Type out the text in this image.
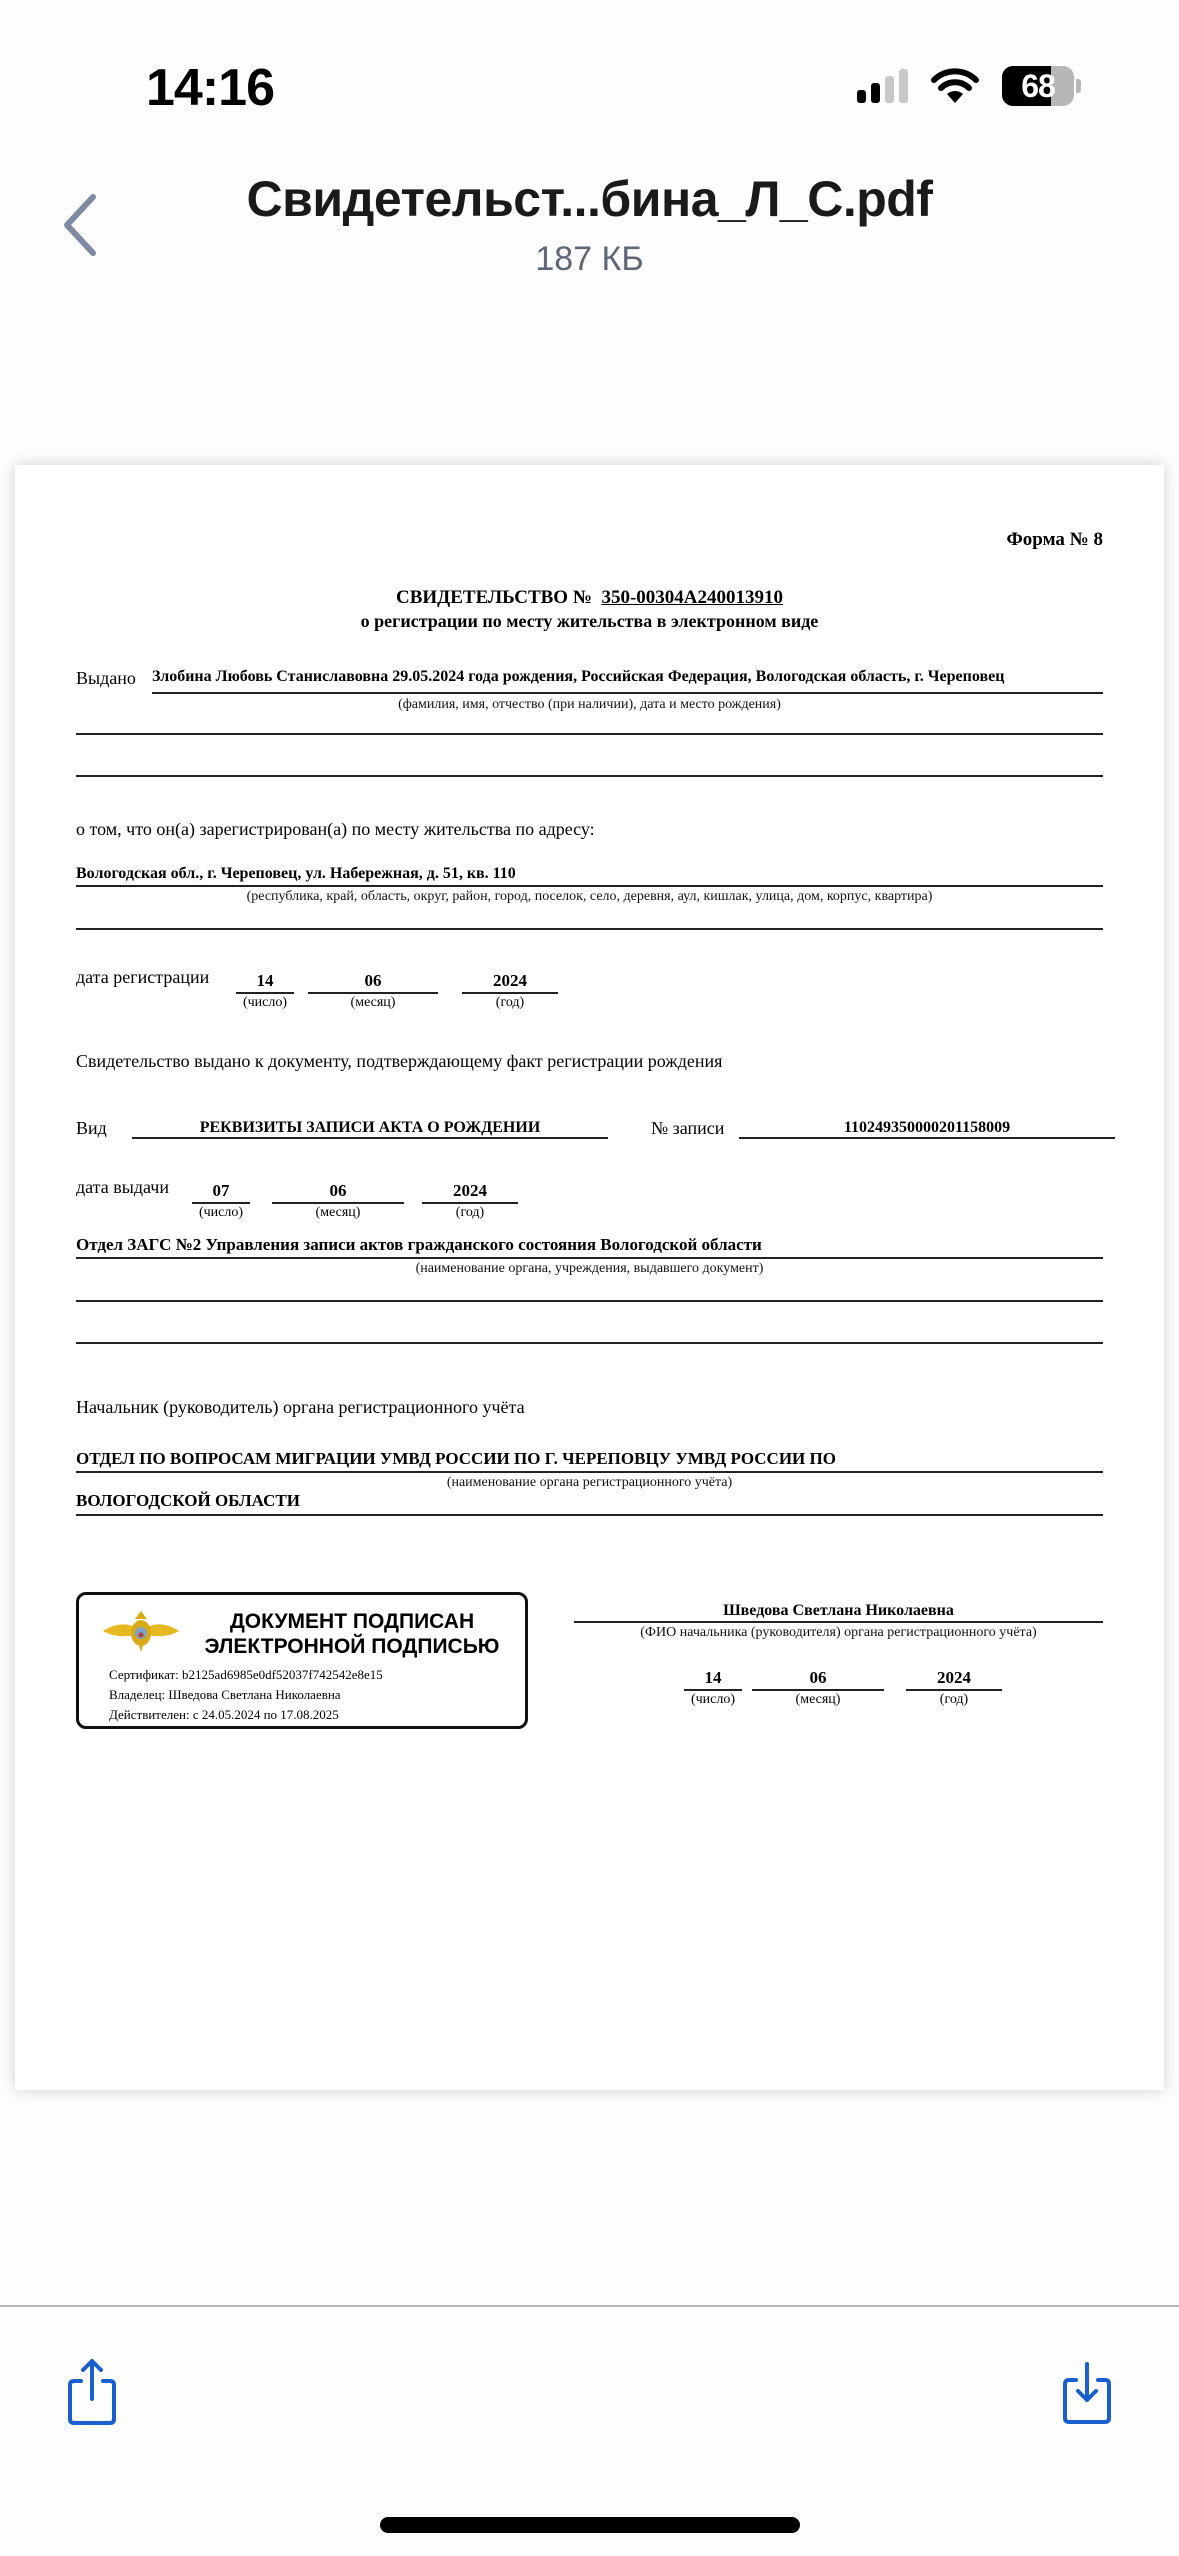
14:16	68
Свидетельст...бина_Л_С.pdf
187 КБ
Форма № 8
СВИДЕТЕЛЬСТВО № 350-00304А240013910
о регистрации по месту жительства в электронном виде
Выдано Злобина Любовь Станиславовна 29.05.2024 года рождения, Российская Федерация, Вологодская область, г. Череповец
(фамилия, имя, отчество (при наличии), дата и место рождения)
о том, что он(а) зарегистрирован(а) по месту жительства по адресу:
Вологодская обл., г. Череповец, ул. Набережная, д. 51, кв. 110
(республика, край, область, округ, район, город, поселок, село, деревня, аул, кишлак, улица, дом, корпус, квартира)
дата регистрации	14
(число)
06
(месяц)
2024
(год)
Свидетельство выдано к документу, подтверждающему факт регистрации рождения
Вид	РЕКВИЗИТЫ ЗАПИСИ АКТА О РОЖДЕНИИ	№ записи	110249350000201158009
дата выдачи	07
(число)
06
(месяц)
2024
(год)
Отдел ЗАГС №2 Управления записи актов гражданского состояния Вологодской области
(наименование органа, учреждения, выдавшего документ)
Начальник (руководитель) органа регистрационного учёта
ОТДЕЛ ПО ВОПРОСАМ МИГРАЦИИ УМВД РОССИИ ПО Г. ЧЕРЕПОВЦУ УМВД РОССИИ ПО
(наименование органа регистрационного учёта)
ВОЛОГОДСКОЙ ОБЛАСТИ
Шведова Светлана Николаевна
(ФИО начальника (руководителя) органа регистрационного учёта)
14
(число)
06
(месяц)
2024
(год)
ДОКУМЕНТ ПОДПИСАН
ЭЛЕКТРОННОЙ ПОДПИСЬЮ
Сертификат: b2125ad6985e0df52037f742542e8e15
Владелец: Шведова Светлана Николаевна
Действителен: с 24.05.2024 по 17.08.2025
